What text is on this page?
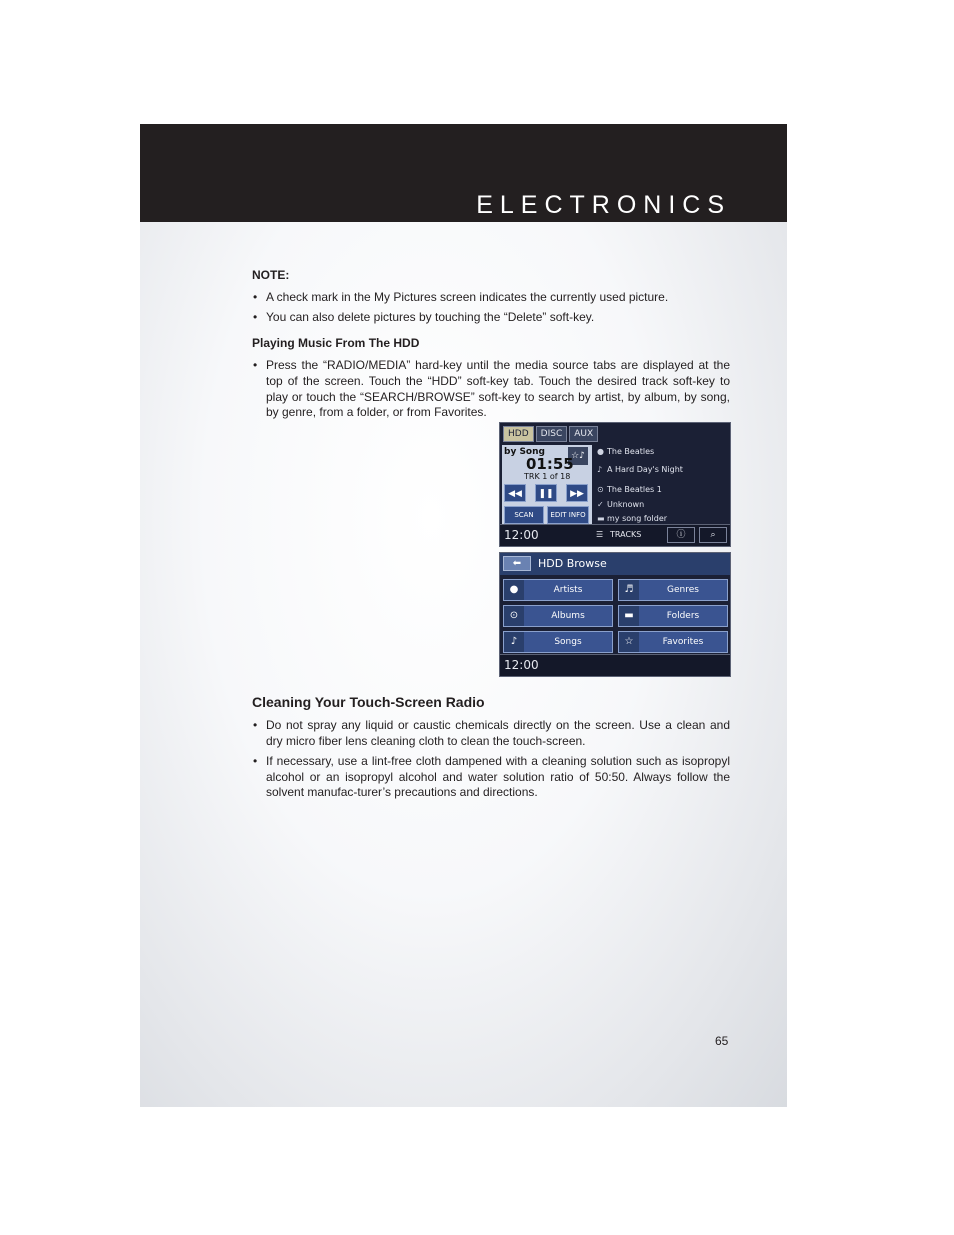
ELECTRONICS
NOTE:
• A check mark in the My Pictures screen indicates the currently used picture.
• You can also delete pictures by touching the “Delete” soft-key.
Playing Music From The HDD
• Press the “RADIO/MEDIA” hard-key until the media source tabs are displayed at the top of the screen. Touch the “HDD” soft-key tab. Touch the desired track soft-key to play or touch the “SEARCH/BROWSE” soft-key to search by artist, by album, by song, by genre, from a folder, or from Favorites.
HDD	DISC	AUX
by Song	☆♪
01:55
TRK 1 of 18
◀◀	❚❚	▶▶
SCAN	EDIT INFO
● The Beatles
♪ A Hard Day's Night
⊙ The Beatles 1
✓ Unknown
▬ my song folder
12:00	☰ TRACKS	ⓘ	⌕
⬅	HDD Browse
●	Artists	♬	Genres
⊙	Albums	▬	Folders
♪	Songs	☆	Favorites
12:00
Cleaning Your Touch-Screen Radio
• Do not spray any liquid or caustic chemicals directly on the screen. Use a clean and dry micro fiber lens cleaning cloth to clean the touch-screen.
• If necessary, use a lint-free cloth dampened with a cleaning solution such as isopropyl alcohol or an isopropyl alcohol and water solution ratio of 50:50. Always follow the solvent manufac-turer’s precautions and directions.
65
